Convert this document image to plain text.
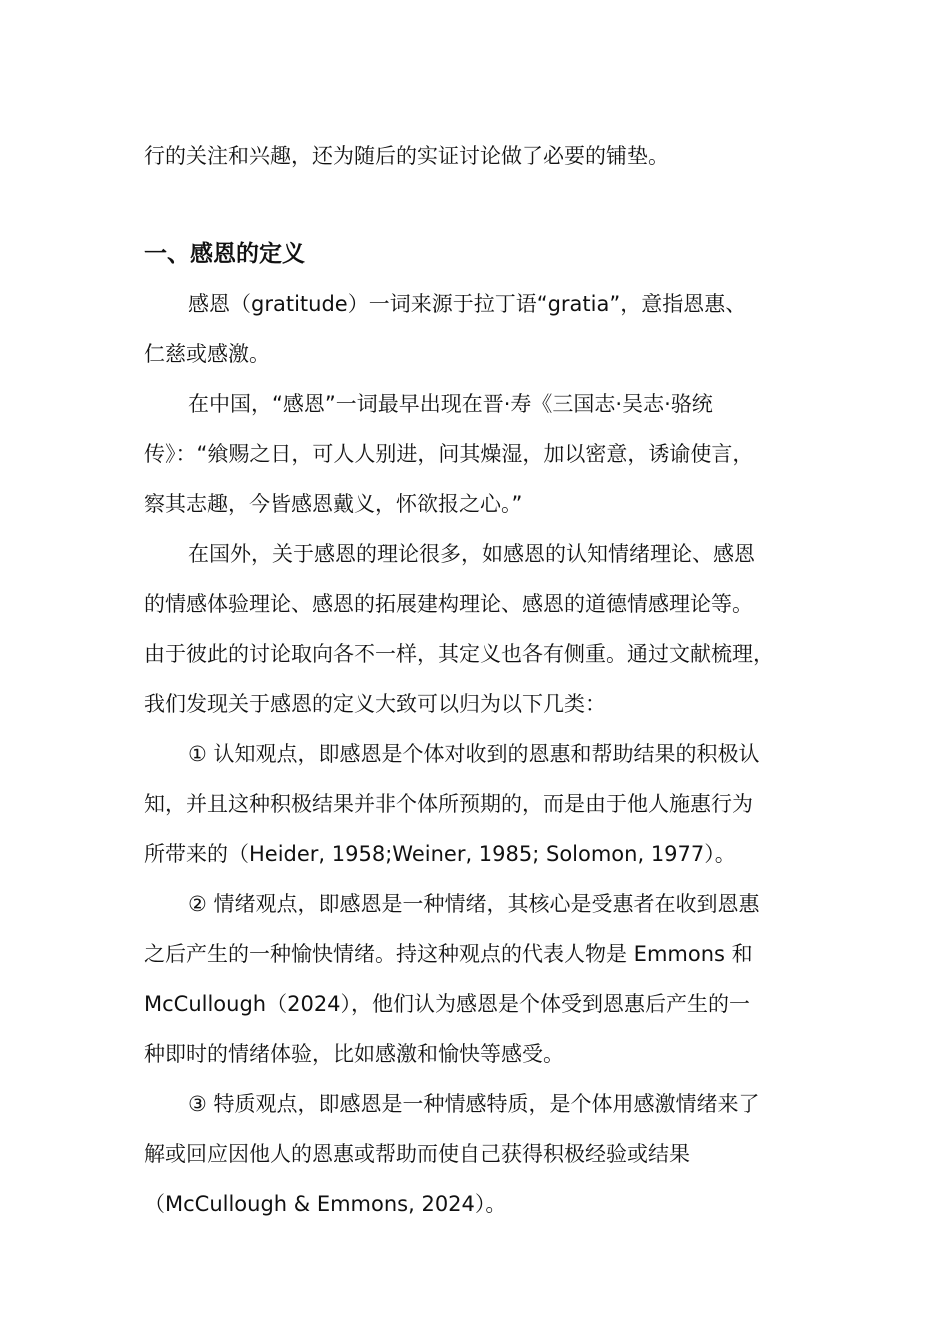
行的关注和兴趣，还为随后的实证讨论做了必要的铺垫。
一、感恩的定义
感恩（gratitude）一词来源于拉丁语“gratia”，意指恩惠、
仁慈或感激。
在中国，“感恩”一词最早出现在晋·寿《三国志·吴志·骆统
传》：“飨赐之日，可人人别进，问其燥湿，加以密意，诱谕使言，
察其志趣，今皆感恩戴义，怀欲报之心。”
在国外，关于感恩的理论很多，如感恩的认知情绪理论、感恩
的情感体验理论、感恩的拓展建构理论、感恩的道德情感理论等。
由于彼此的讨论取向各不一样，其定义也各有侧重。通过文献梳理，
我们发现关于感恩的定义大致可以归为以下几类：
① 认知观点，即感恩是个体对收到的恩惠和帮助结果的积极认
知，并且这种积极结果并非个体所预期的，而是由于他人施惠行为
所带来的（Heider, 1958;Weiner, 1985; Solomon, 1977）。
② 情绪观点，即感恩是一种情绪，其核心是受惠者在收到恩惠
之后产生的一种愉快情绪。持这种观点的代表人物是 Emmons 和
McCullough（2024），他们认为感恩是个体受到恩惠后产生的一
种即时的情绪体验，比如感激和愉快等感受。
③ 特质观点，即感恩是一种情感特质，是个体用感激情绪来了
解或回应因他人的恩惠或帮助而使自己获得积极经验或结果
（McCullough & Emmons, 2024）。
